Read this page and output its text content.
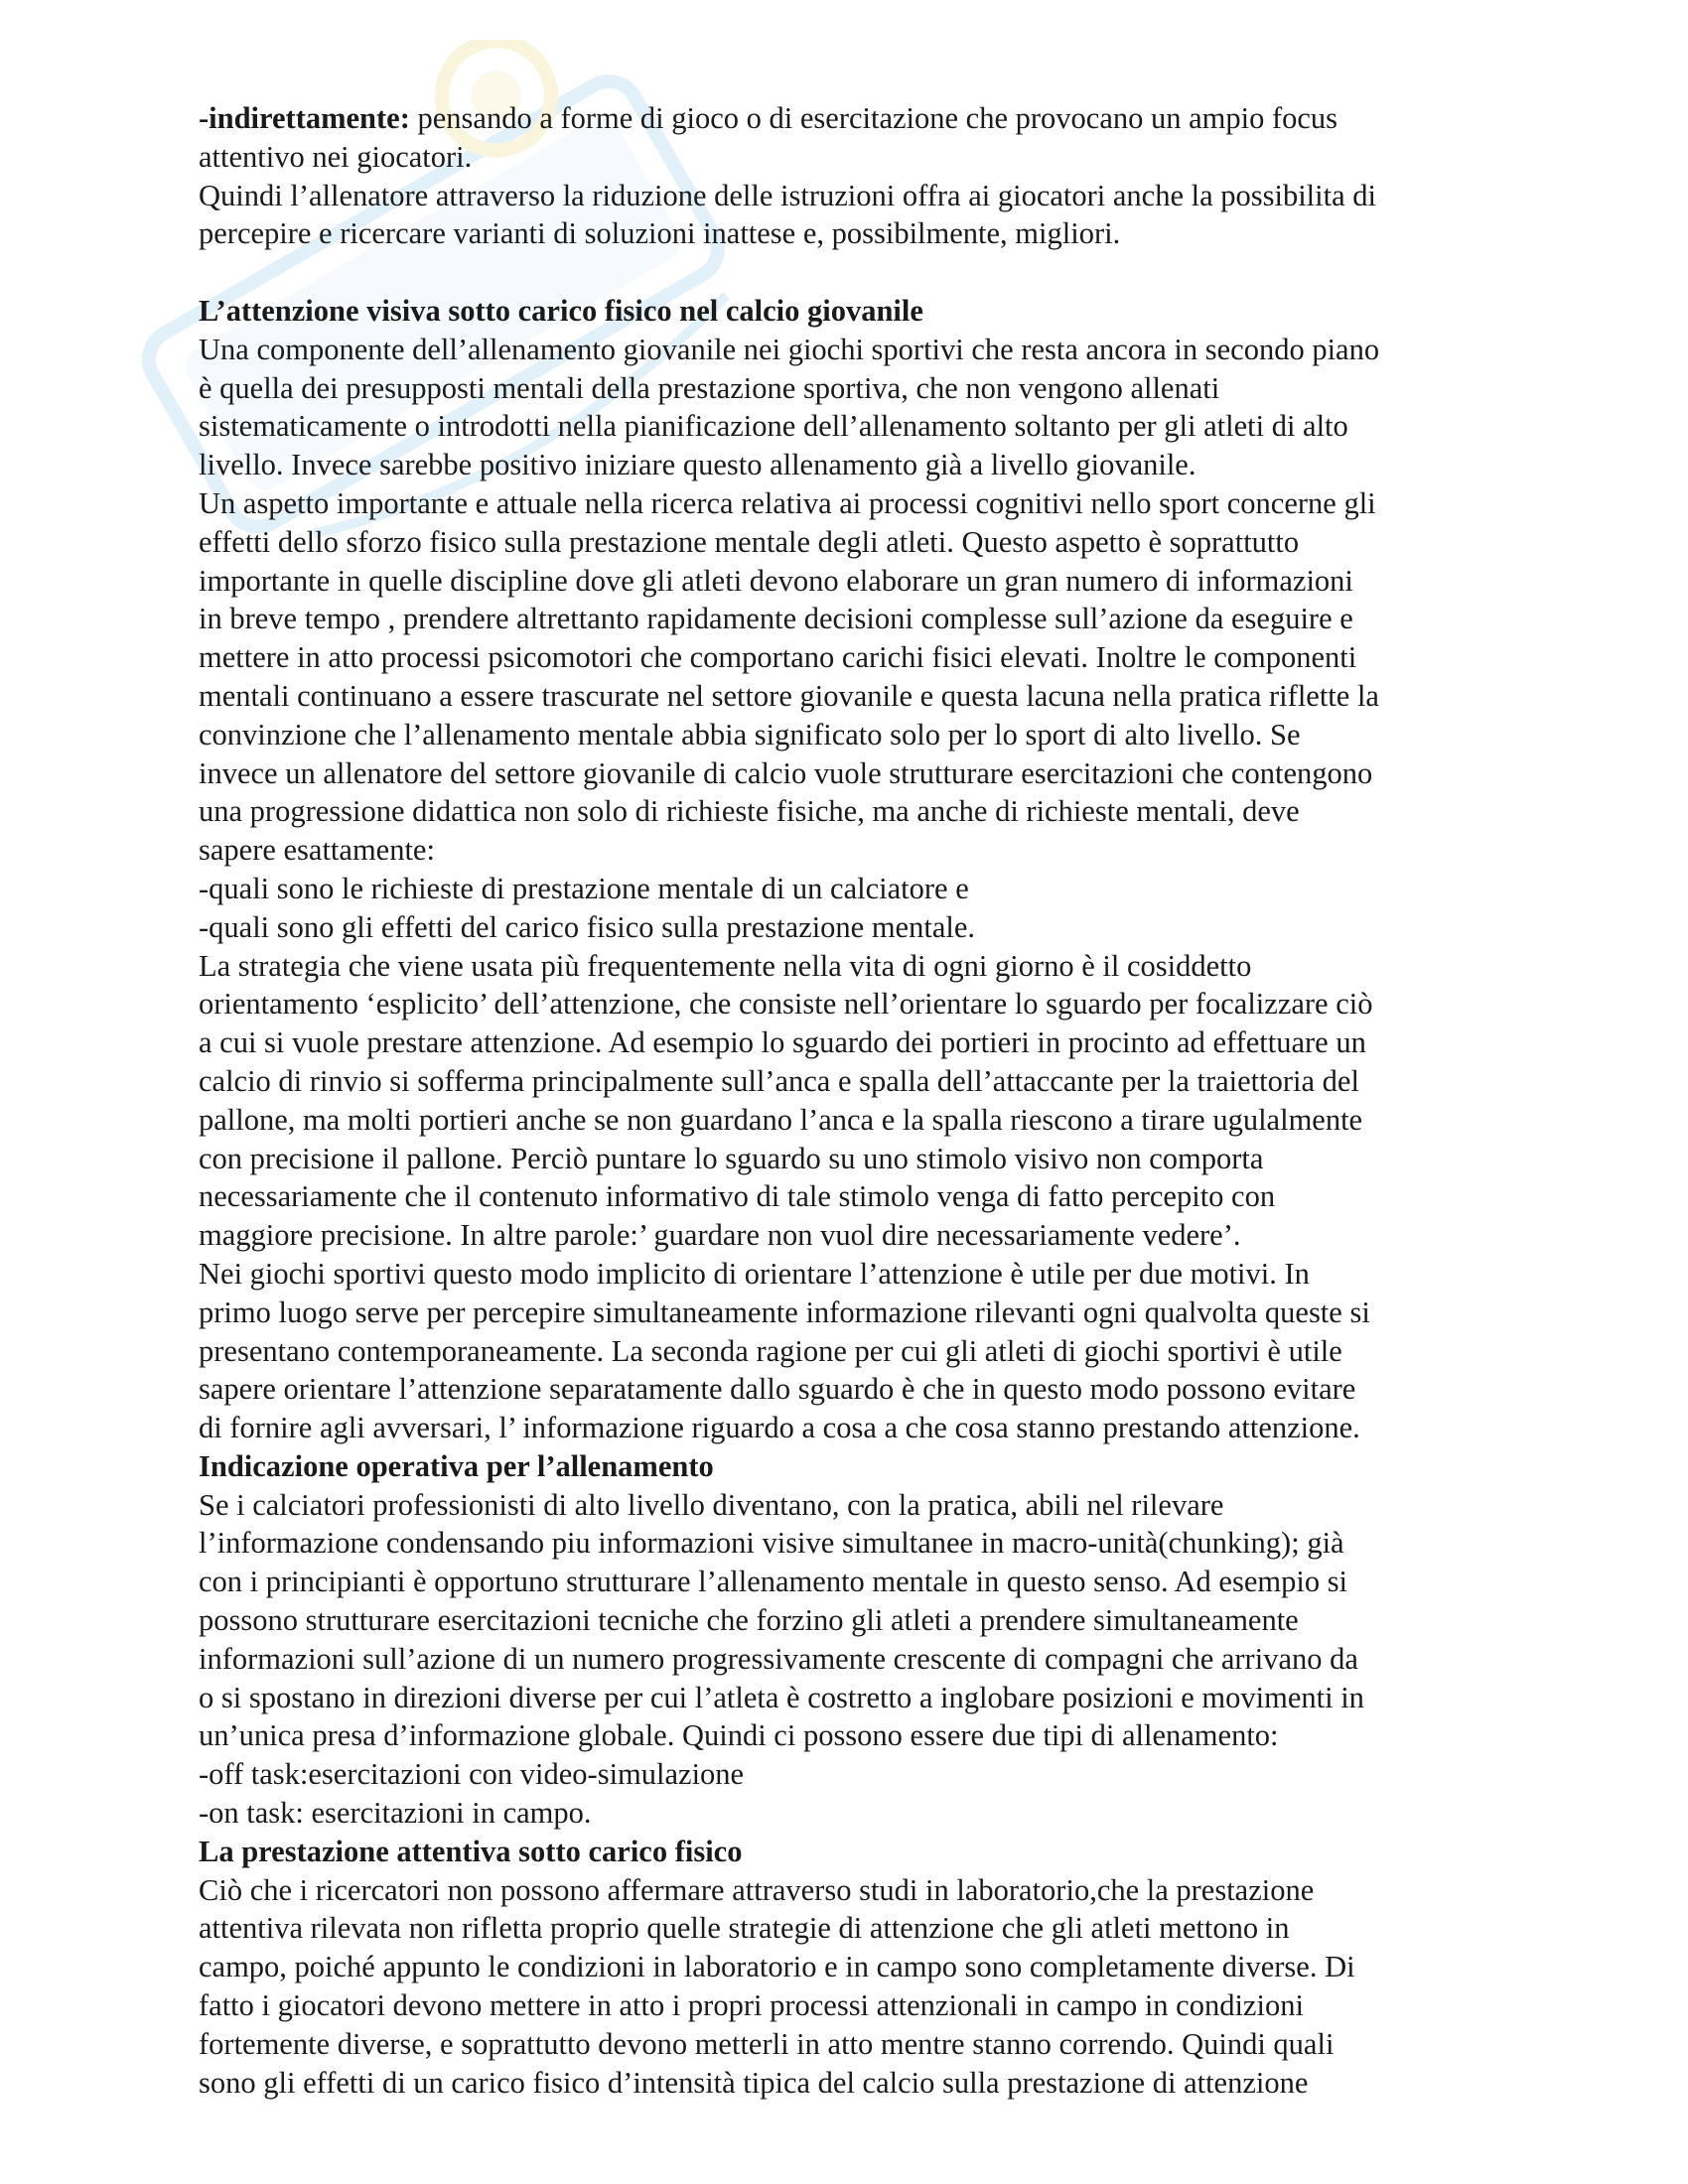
-indirettamente: pensando a forme di gioco o di esercitazione che provocano un ampio focus
attentivo nei giocatori.
Quindi l’allenatore attraverso la riduzione delle istruzioni offra ai giocatori anche la possibilita di
percepire e ricercare varianti di soluzioni inattese e, possibilmente, migliori.
L’attenzione visiva sotto carico fisico nel calcio giovanile
Una componente dell’allenamento giovanile nei giochi sportivi che resta ancora in secondo piano
è quella dei presupposti mentali della prestazione sportiva, che non vengono allenati
sistematicamente o introdotti nella pianificazione dell’allenamento soltanto per gli atleti di alto
livello. Invece sarebbe positivo iniziare questo allenamento già a livello giovanile.
Un aspetto importante e attuale nella ricerca relativa ai processi cognitivi nello sport concerne gli
effetti dello sforzo fisico sulla prestazione mentale degli atleti. Questo aspetto è soprattutto
importante in quelle discipline dove gli atleti devono elaborare un gran numero di informazioni
in breve tempo , prendere altrettanto rapidamente decisioni complesse sull’azione da eseguire e
mettere in atto processi psicomotori che comportano carichi fisici elevati. Inoltre le componenti
mentali continuano a essere trascurate nel settore giovanile e questa lacuna nella pratica riflette la
convinzione che l’allenamento mentale abbia significato solo per lo sport di alto livello. Se
invece un allenatore del settore giovanile di calcio vuole strutturare esercitazioni che contengono
una progressione didattica non solo di richieste fisiche, ma anche di richieste mentali, deve
sapere esattamente:
-quali sono le richieste di prestazione mentale di un calciatore e
-quali sono gli effetti del carico fisico sulla prestazione mentale.
La strategia che viene usata più frequentemente nella vita di ogni giorno è il cosiddetto
orientamento ‘esplicito’ dell’attenzione, che consiste nell’orientare lo sguardo per focalizzare ciò
a cui si vuole prestare attenzione. Ad esempio lo sguardo dei portieri in procinto ad effettuare un
calcio di rinvio si sofferma principalmente sull’anca e spalla dell’attaccante per la traiettoria del
pallone, ma molti portieri anche se non guardano l’anca e la spalla riescono a tirare ugulalmente
con precisione il pallone. Perciò puntare lo sguardo su uno stimolo visivo non comporta
necessariamente che il contenuto informativo di tale stimolo venga di fatto percepito con
maggiore precisione. In altre parole:’ guardare non vuol dire necessariamente vedere’.
Nei giochi sportivi questo modo implicito di orientare l’attenzione è utile per due motivi. In
primo luogo serve per percepire simultaneamente informazione rilevanti ogni qualvolta queste si
presentano contemporaneamente. La seconda ragione per cui gli atleti di giochi sportivi è utile
sapere orientare l’attenzione separatamente dallo sguardo è che in questo modo possono evitare
di fornire agli avversari, l’ informazione riguardo a cosa a che cosa stanno prestando attenzione.
Indicazione operativa per l’allenamento
Se i calciatori professionisti di alto livello diventano, con la pratica, abili nel rilevare
l’informazione condensando piu informazioni visive simultanee in macro-unità(chunking); già
con i principianti è opportuno strutturare l’allenamento mentale in questo senso. Ad esempio si
possono strutturare esercitazioni tecniche che forzino gli atleti a prendere simultaneamente
informazioni sull’azione di un numero progressivamente crescente di compagni che arrivano da
o si spostano in direzioni diverse per cui l’atleta è costretto a inglobare posizioni e movimenti in
un’unica presa d’informazione globale. Quindi ci possono essere due tipi di allenamento:
-off task:esercitazioni con video-simulazione
-on task: esercitazioni in campo.
La prestazione attentiva sotto carico fisico
Ciò che i ricercatori non possono affermare attraverso studi in laboratorio,che la prestazione
attentiva rilevata non rifletta proprio quelle strategie di attenzione che gli atleti mettono in
campo, poiché appunto le condizioni in laboratorio e in campo sono completamente diverse. Di
fatto i giocatori devono mettere in atto i propri processi attenzionali in campo in condizioni
fortemente diverse, e soprattutto devono metterli in atto mentre stanno correndo. Quindi quali
sono gli effetti di un carico fisico d’intensità tipica del calcio sulla prestazione di attenzione
